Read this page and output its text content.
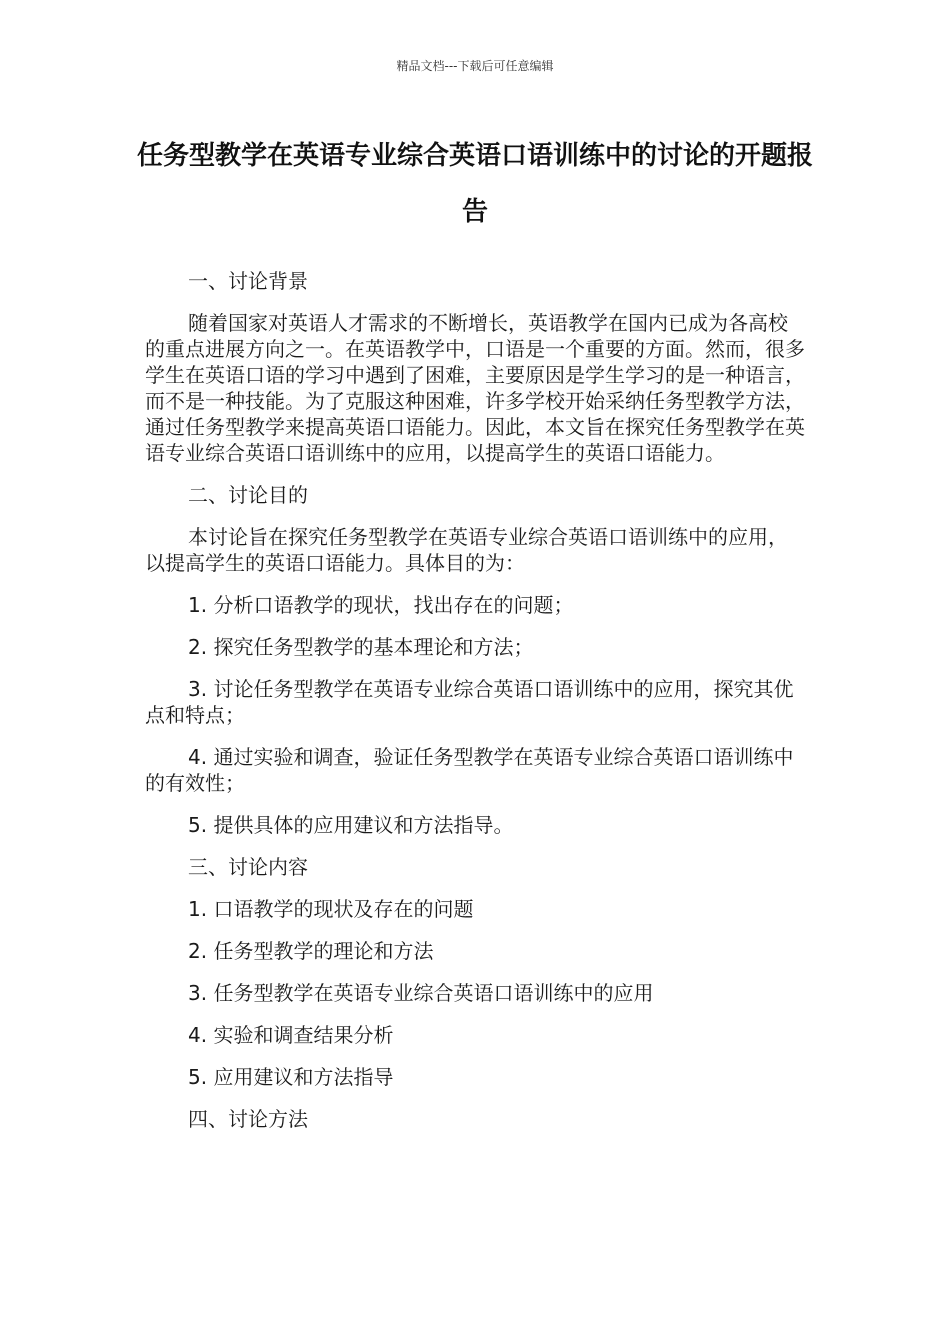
精品文档---下载后可任意编辑
任务型教学在英语专业综合英语口语训练中的讨论的开题报告

一、讨论背景

随着国家对英语人才需求的不断增长，英语教学在国内已成为各高校的重点进展方向之一。在英语教学中，口语是一个重要的方面。然而，很多学生在英语口语的学习中遇到了困难，主要原因是学生学习的是一种语言，而不是一种技能。为了克服这种困难，许多学校开始采纳任务型教学方法，通过任务型教学来提高英语口语能力。因此，本文旨在探究任务型教学在英语专业综合英语口语训练中的应用，以提高学生的英语口语能力。

二、讨论目的

本讨论旨在探究任务型教学在英语专业综合英语口语训练中的应用，以提高学生的英语口语能力。具体目的为：

1. 分析口语教学的现状，找出存在的问题；

2. 探究任务型教学的基本理论和方法；

3. 讨论任务型教学在英语专业综合英语口语训练中的应用，探究其优点和特点；

4. 通过实验和调查，验证任务型教学在英语专业综合英语口语训练中的有效性；

5. 提供具体的应用建议和方法指导。

三、讨论内容

1. 口语教学的现状及存在的问题

2. 任务型教学的理论和方法

3. 任务型教学在英语专业综合英语口语训练中的应用

4. 实验和调查结果分析

5. 应用建议和方法指导

四、讨论方法
